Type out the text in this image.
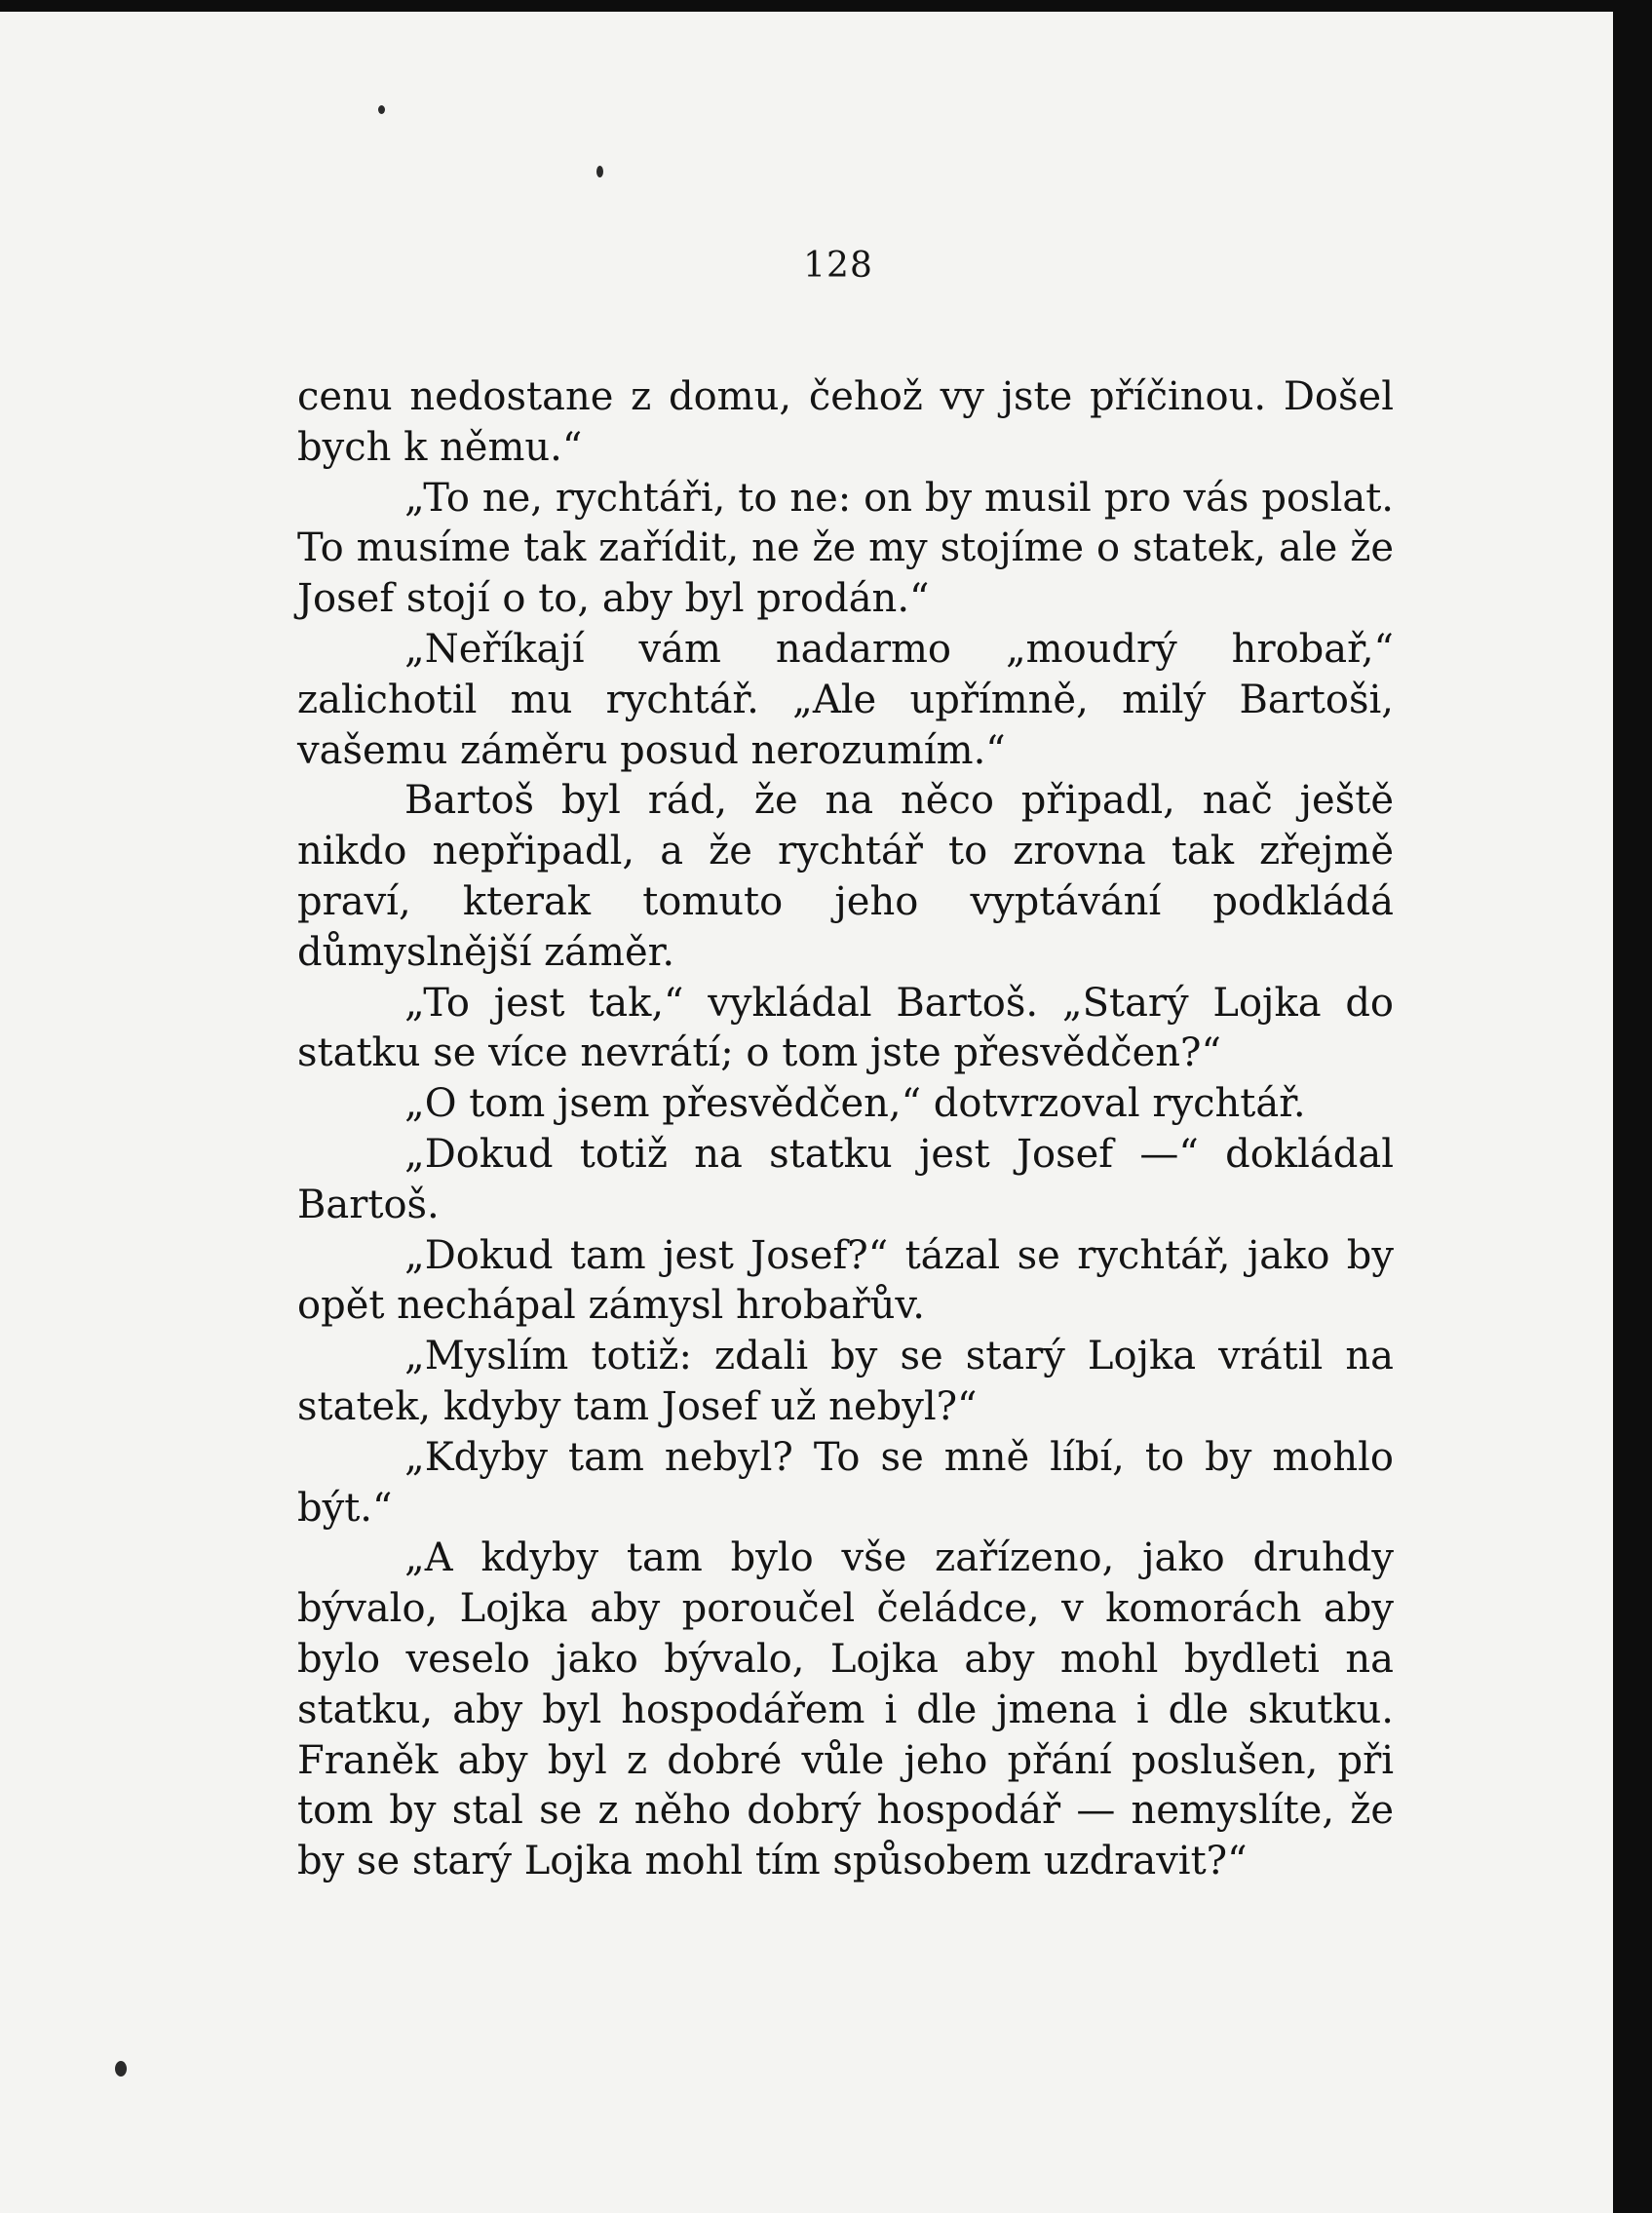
128

cenu nedostane z domu, čehož vy jste příčinou. Došel bych k němu.“

„To ne, rychtáři, to ne: on by musil pro vás poslat. To musíme tak zařídit, ne že my stojíme o statek, ale že Josef stojí o to, aby byl prodán.“

„Neříkají vám nadarmo „moudrý hrobař,“ zalichotil mu rychtář. „Ale upřímně, milý Bartoši, vašemu záměru posud nerozumím.“

Bartoš byl rád, že na něco připadl, nač ještě nikdo nepřipadl, a že rychtář to zrovna tak zřejmě praví, kterak tomuto jeho vyptávání podkládá důmyslnější záměr.

„To jest tak,“ vykládal Bartoš. „Starý Lojka do statku se více nevrátí; o tom jste přesvědčen?“

„O tom jsem přesvědčen,“ dotvrzoval rychtář.

„Dokud totiž na statku jest Josef —“ dokládal Bartoš.

„Dokud tam jest Josef?“ tázal se rychtář, jako by opět nechápal zámysl hrobařův.

„Myslím totiž: zdali by se starý Lojka vrátil na statek, kdyby tam Josef už nebyl?“

„Kdyby tam nebyl? To se mně líbí, to by mohlo být.“

„A kdyby tam bylo vše zařízeno, jako druhdy bývalo, Lojka aby poroučel čeládce, v komorách aby bylo veselo jako bývalo, Lojka aby mohl bydleti na statku, aby byl hospodářem i dle jmena i dle skutku. Franěk aby byl z dobré vůle jeho přání poslušen, při tom by stal se z něho dobrý hospodář — nemyslíte, že by se starý Lojka mohl tím spůsobem uzdravit?“
